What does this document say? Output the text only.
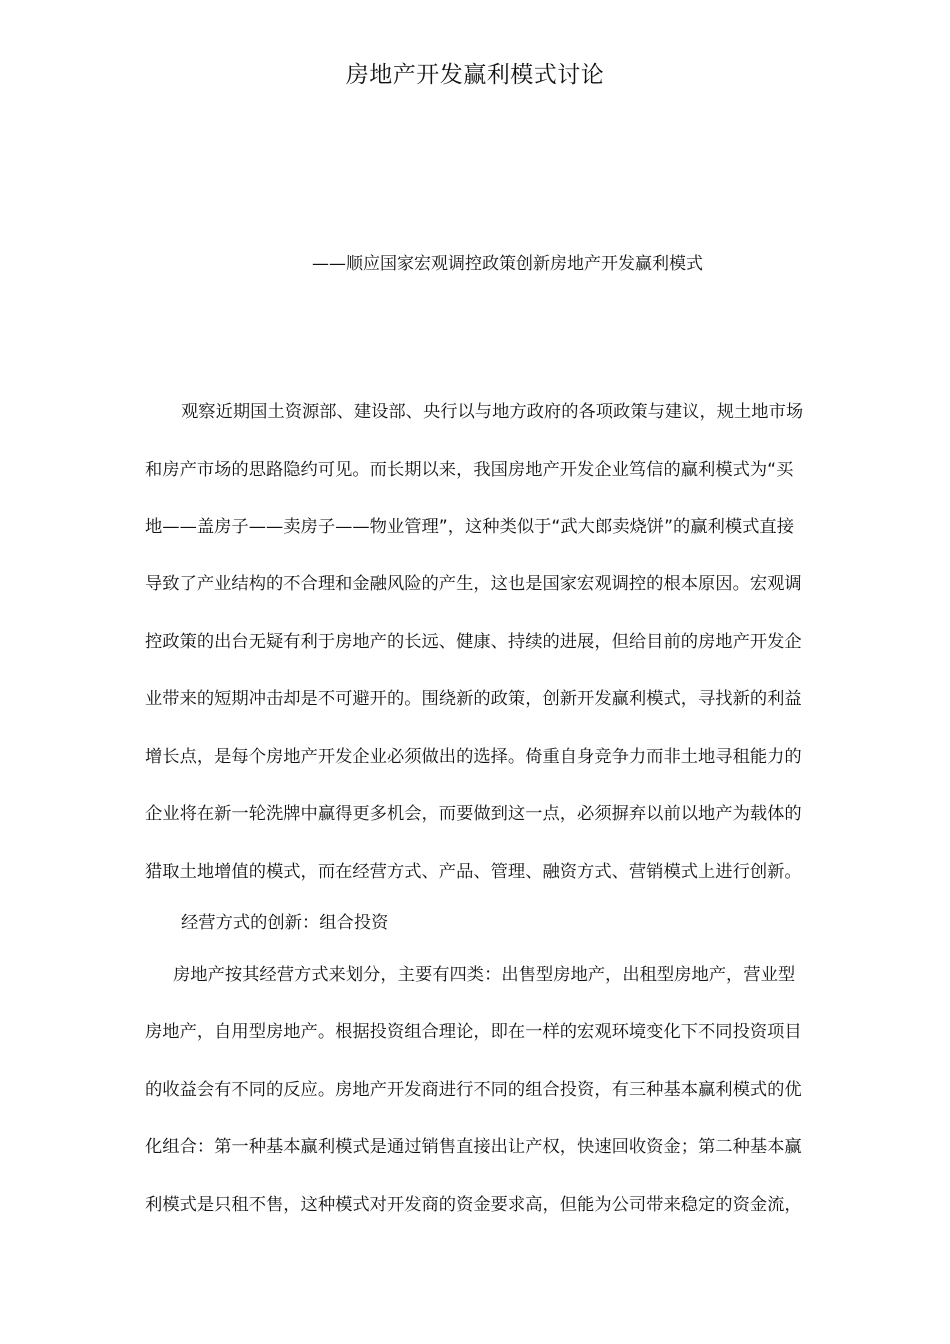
房地产开发赢利模式讨论
——顺应国家宏观调控政策创新房地产开发赢利模式
观察近期国土资源部、建设部、央行以与地方政府的各项政策与建议，规土地市场
和房产市场的思路隐约可见。而长期以来，我国房地产开发企业笃信的赢利模式为“买
地——盖房子——卖房子——物业管理”，这种类似于“武大郎卖烧饼”的赢利模式直接
导致了产业结构的不合理和金融风险的产生，这也是国家宏观调控的根本原因。宏观调
控政策的出台无疑有利于房地产的长远、健康、持续的进展，但给目前的房地产开发企
业带来的短期冲击却是不可避开的。围绕新的政策，创新开发赢利模式，寻找新的利益
增长点，是每个房地产开发企业必须做出的选择。倚重自身竞争力而非土地寻租能力的
企业将在新一轮洗牌中赢得更多机会，而要做到这一点，必须摒弃以前以地产为载体的
猎取土地增值的模式，而在经营方式、产品、管理、融资方式、营销模式上进行创新。
经营方式的创新：组合投资
房地产按其经营方式来划分，主要有四类：出售型房地产，出租型房地产，营业型
房地产，自用型房地产。根据投资组合理论，即在一样的宏观环境变化下不同投资项目
的收益会有不同的反应。房地产开发商进行不同的组合投资，有三种基本赢利模式的优
化组合：第一种基本赢利模式是通过销售直接出让产权，快速回收资金；第二种基本赢
利模式是只租不售，这种模式对开发商的资金要求高，但能为公司带来稳定的资金流，
